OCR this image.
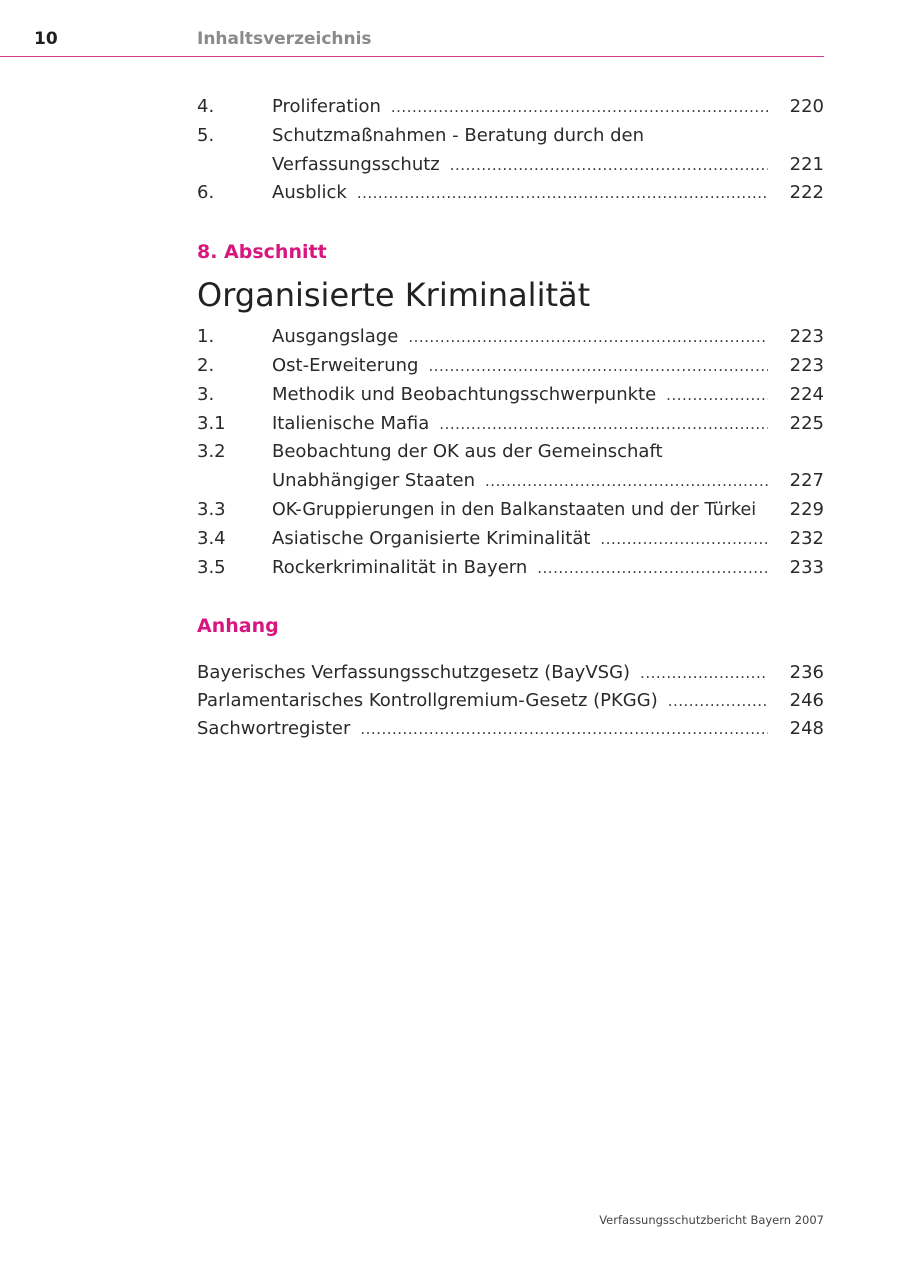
10	Inhaltsverzeichnis
4.	Proliferation .....	220
5.	Schutzmaßnahmen - Beratung durch den
Verfassungsschutz .....	221
6.	Ausblick .....	222
8. Abschnitt
Organisierte Kriminalität
1.	Ausgangslage .....	223
2.	Ost-Erweiterung .....	223
3.	Methodik und Beobachtungsschwerpunkte .....	224
3.1	Italienische Mafia .....	225
3.2	Beobachtung der OK aus der Gemeinschaft
Unabhängiger Staaten .....	227
3.3	OK-Gruppierungen in den Balkanstaaten und der Türkei 229
3.4	Asiatische Organisierte Kriminalität .....	232
3.5	Rockerkriminalität in Bayern .....	233
Anhang
Bayerisches Verfassungsschutzgesetz (BayVSG) .....	236
Parlamentarisches Kontrollgremium-Gesetz (PKGG) .....	246
Sachwortregister .....	248
Verfassungsschutzbericht Bayern 2007
